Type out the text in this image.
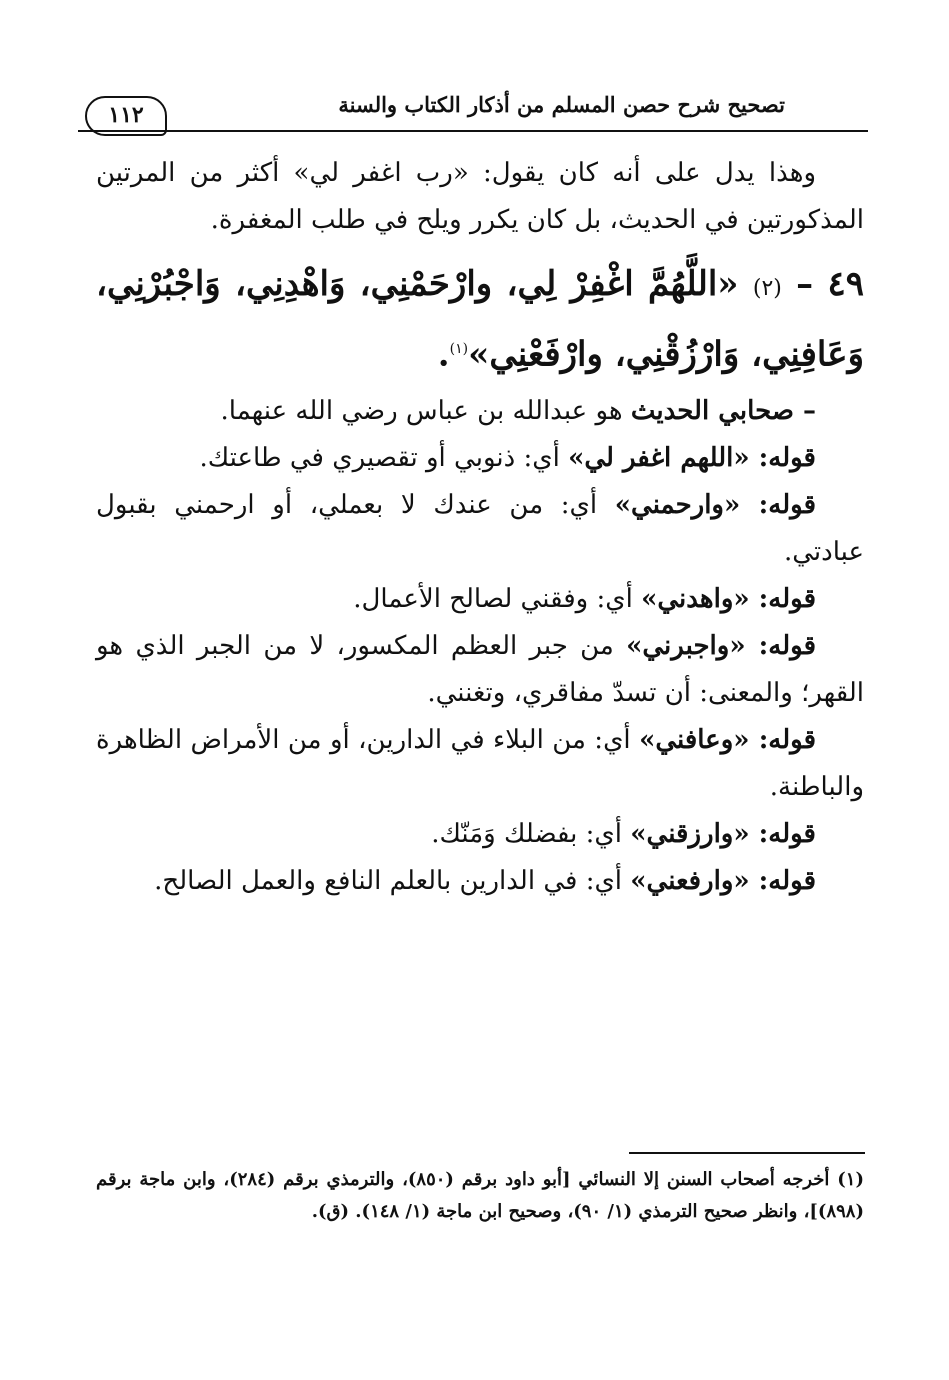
تصحيح شرح حصن المسلم من أذكار الكتاب والسنة
١١٢

وهذا يدل على أنه كان يقول: «رب اغفر لي» أكثر من المرتين المذكورتين في الحديث، بل كان يكرر ويلح في طلب المغفرة.

٤٩ – (٢) «اللَّهُمَّ اغْفِرْ لِي، وارْحَمْنِي، وَاهْدِنِي، وَاجْبُرْنِي، وَعَافِنِي، وَارْزُقْنِي، وارْفَعْنِي»$^{(١)}$.

– صحابي الحديث هو عبدالله بن عباس رضي الله عنهما.

قوله: «اللهم اغفر لي» أي: ذنوبي أو تقصيري في طاعتك.

قوله: «وارحمني» أي: من عندك لا بعملي، أو ارحمني بقبول عبادتي.

قوله: «واهدني» أي: وفقني لصالح الأعمال.

قوله: «واجبرني» من جبر العظم المكسور، لا من الجبر الذي هو القهر؛ والمعنى: أن تسدّ مفاقري، وتغنني.

قوله: «وعافني» أي: من البلاء في الدارين، أو من الأمراض الظاهرة والباطنة.

قوله: «وارزقني» أي: بفضلك وَمَنّك.

قوله: «وارفعني» أي: في الدارين بالعلم النافع والعمل الصالح.

(١) أخرجه أصحاب السنن إلا النسائي [أبو داود برقم (٨٥٠)، والترمذي برقم (٢٨٤)، وابن ماجة برقم (٨٩٨)]، وانظر صحيح الترمذي (١/ ٩٠)، وصحيح ابن ماجة (١/ ١٤٨). (ق).
